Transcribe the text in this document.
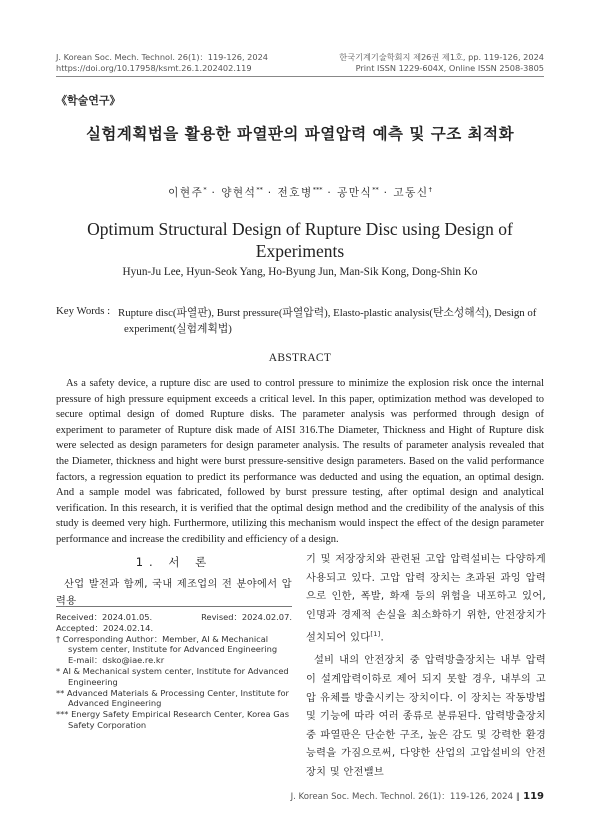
J. Korean Soc. Mech. Technol. 26(1)：119-126, 2024
https://doi.org/10.17958/ksmt.26.1.202402.119
한국기계기술학회지 제26권 제1호, pp. 119-126, 2024
Print ISSN 1229-604X, Online ISSN 2508-3805
《학술연구》
실험계획법을 활용한 파열판의 파열압력 예측 및 구조 최적화
이현주* · 양현석** · 전호병*** · 공만식** · 고동신†
Optimum Structural Design of Rupture Disc using Design of Experiments
Hyun-Ju Lee, Hyun-Seok Yang, Ho-Byung Jun, Man-Sik Kong, Dong-Shin Ko
Key Words : Rupture disc(파열판), Burst pressure(파열압력), Elasto-plastic analysis(탄소성해석), Design of experiment(실험계획법)
ABSTRACT
As a safety device, a rupture disc are used to control pressure to minimize the explosion risk once the internal pressure of high pressure equipment exceeds a critical level. In this paper, optimization method was developed to secure optimal design of domed Rupture disks. The parameter analysis was performed through design of experiment to parameter of Rupture disk made of AISI 316.The Diameter, Thickness and Hight of Rupture disk were selected as design parameters for design parameter analysis. The results of parameter analysis revealed that the Diameter, thickness and hight were burst pressure-sensitive design parameters. Based on the valid performance factors, a regression equation to predict its performance was deducted and using the equation, an optimal design. And a sample model was fabricated, followed by burst pressure testing, after optimal design and analytical verification. In this research, it is verified that the optimal design method and the credibility of the analysis of this study is deemed very high. Furthermore, utilizing this mechanism would inspect the effect of the design parameter performance and increase the credibility and efficiency of a design.
1. 서 론
산업 발전과 함께, 국내 제조업의 전 분야에서 압력용
Received：2024.01.05.	Revised：2024.02.07.
Accepted：2024.02.14.
† Corresponding Author：Member, AI & Mechanical system center, Institute for Advanced Engineering
E-mail：dsko@iae.re.kr
* AI & Mechanical system center, Institute for Advanced Engineering
** Advanced Materials & Processing Center, Institute for Advanced Engineering
*** Energy Safety Empirical Research Center, Korea Gas Safety Corporation

기 및 저장장치와 관련된 고압 압력설비는 다양하게 사용되고 있다. 고압 압력 장치는 초과된 과잉 압력으로 인한, 폭발, 화재 등의 위험을 내포하고 있어, 인명과 경제적 손실을 최소화하기 위한, 안전장치가 설치되어 있다[1].

설비 내의 안전장치 중 압력방출장치는 내부 압력이 설계압력이하로 제어 되지 못할 경우, 내부의 고압 유체를 방출시키는 장치이다. 이 장치는 작동방법 및 기능에 따라 여러 종류로 분류된다. 압력방출장치 중 파열판은 단순한 구조, 높은 감도 및 강력한 환경능력을 가짐으로써, 다양한 산업의 고압설비의 안전장치 및 안전밸브

J. Korean Soc. Mech. Technol. 26(1)：119-126, 2024 ∥ 119
